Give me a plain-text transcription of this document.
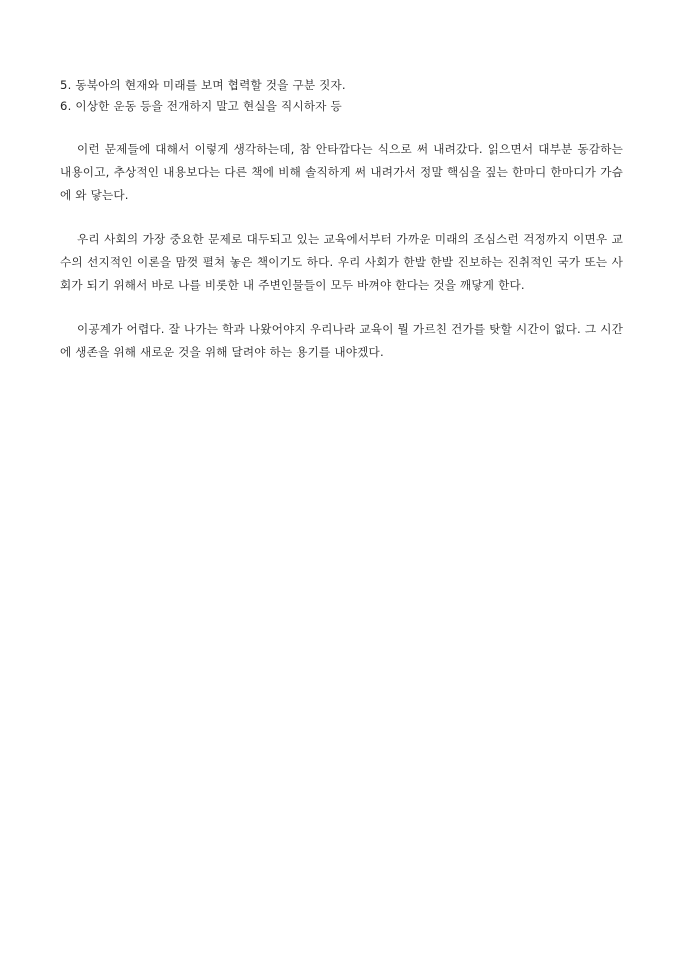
5. 동북아의 현재와 미래를 보며 협력할 것을 구분 짓자.

6. 이상한 운동 등을 전개하지 말고 현실을 직시하자 등

이런 문제들에 대해서 이렇게 생각하는데, 참 안타깝다는 식으로 써 내려갔다. 읽으면서 대부분 동감하는 내용이고, 추상적인 내용보다는 다른 책에 비해 솔직하게 써 내려가서 정말 핵심을 짚는 한마디 한마디가 가슴에 와 닿는다.

우리 사회의 가장 중요한 문제로 대두되고 있는 교육에서부터 가까운 미래의 조심스런 걱정까지 이면우 교수의 선지적인 이론을 맘껏 펼쳐 놓은 책이기도 하다. 우리 사회가 한발 한발 진보하는 진취적인 국가 또는 사회가 되기 위해서 바로 나를 비롯한 내 주변인물들이 모두 바껴야 한다는 것을 깨닿게 한다.

이공계가 어렵다. 잘 나가는 학과 나왔어야지 우리나라 교육이 뭘 가르친 건가를 탓할 시간이 없다. 그 시간에 생존을 위해 새로운 것을 위해 달려야 하는 용기를 내야겠다.
